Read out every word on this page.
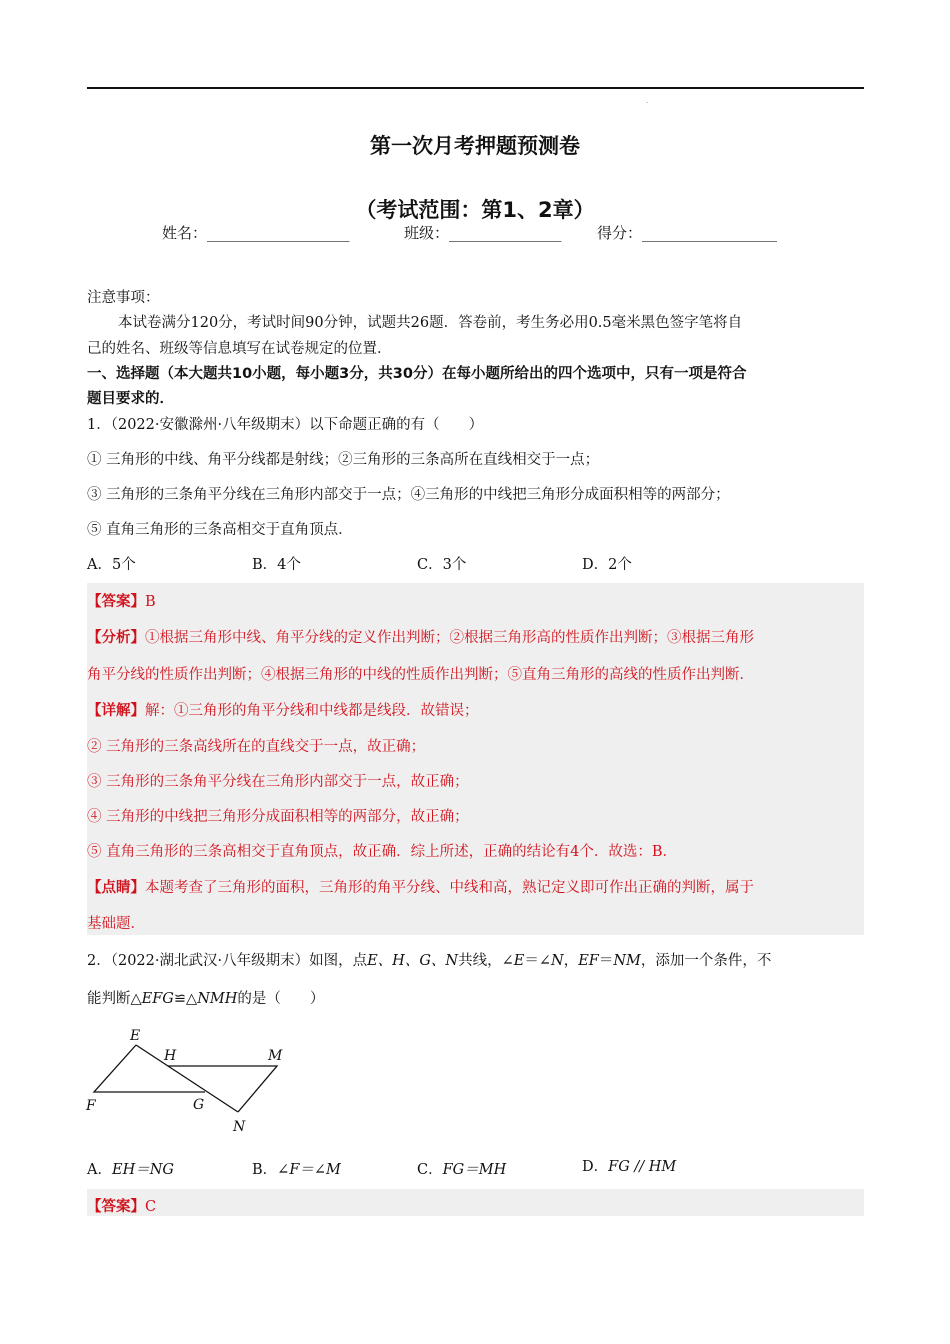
.
第一次月考押题预测卷
（考试范围：第1、2章）
姓名：___________________	班级：_______________ 得分：__________________
注意事项：
本试卷满分120分，考试时间90分钟，试题共26题．答卷前，考生务必用0.5毫米黑色签字笔将自
己的姓名、班级等信息填写在试卷规定的位置．
一、选择题（本大题共10小题，每小题3分，共30分）在每小题所给出的四个选项中，只有一项是符合
题目要求的．
1．（2022·安徽滁州·八年级期末）以下命题正确的有（　　）
① 三角形的中线、角平分线都是射线；②三角形的三条高所在直线相交于一点；
③ 三角形的三条角平分线在三角形内部交于一点；④三角形的中线把三角形分成面积相等的两部分；
⑤ 直角三角形的三条高相交于直角顶点．
A．5个	B．4个	C．3个	D．2个
【答案】B
【分析】①根据三角形中线、角平分线的定义作出判断；②根据三角形高的性质作出判断；③根据三角形
角平分线的性质作出判断；④根据三角形的中线的性质作出判断；⑤直角三角形的高线的性质作出判断．
【详解】解：①三角形的角平分线和中线都是线段．故错误；
② 三角形的三条高线所在的直线交于一点，故正确；
③ 三角形的三条角平分线在三角形内部交于一点，故正确；
④ 三角形的中线把三角形分成面积相等的两部分，故正确；
⑤ 直角三角形的三条高相交于直角顶点，故正确．综上所述，正确的结论有4个．故选：B．
【点睛】本题考查了三角形的面积，三角形的角平分线、中线和高，熟记定义即可作出正确的判断，属于
基础题．
2．（2022·湖北武汉·八年级期末）如图，点E、H、G、N共线，∠E＝∠N，EF＝NM，添加一个条件，不
能判断△EFG≌△NMH的是（　　）
E
H	M
F	G
N
A．EH＝NG	B．∠F＝∠M	C．FG＝MH	D．FG // HM
【答案】C
